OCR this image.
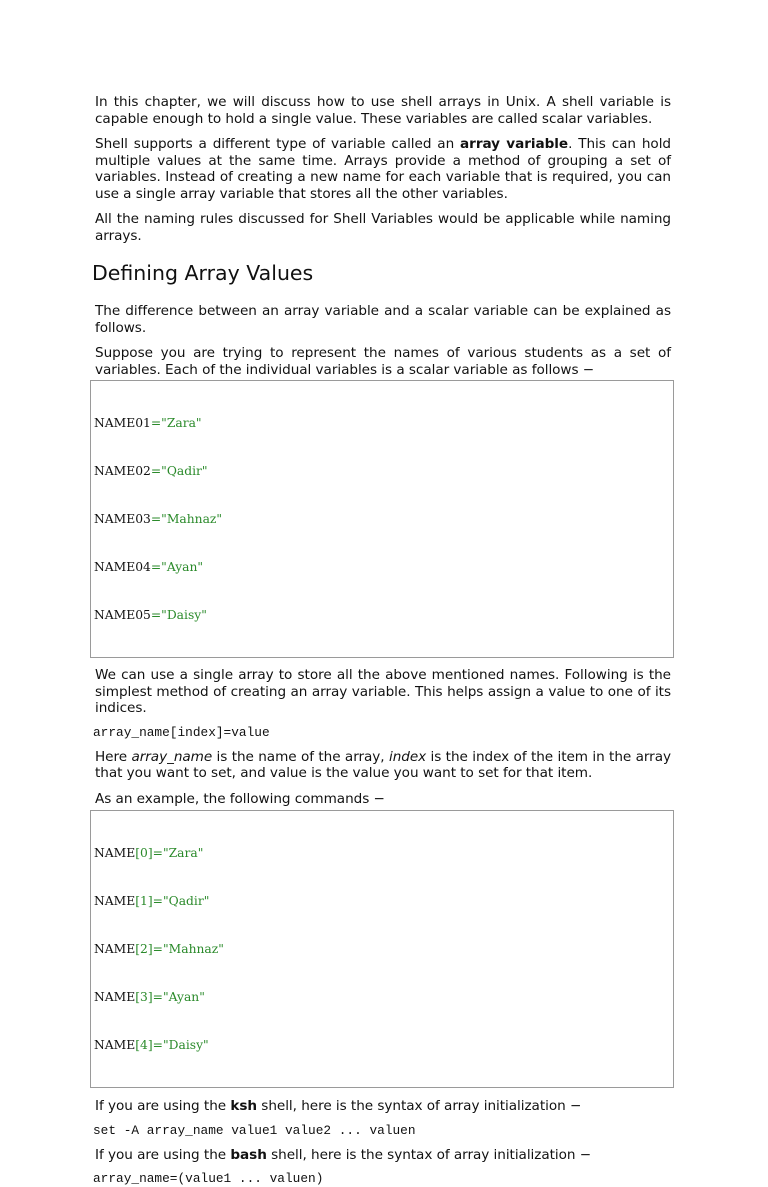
In this chapter, we will discuss how to use shell arrays in Unix. A shell variable is capable enough to hold a single value. These variables are called scalar variables.

Shell supports a different type of variable called an array variable. This can hold multiple values at the same time. Arrays provide a method of grouping a set of variables. Instead of creating a new name for each variable that is required, you can use a single array variable that stores all the other variables.

All the naming rules discussed for Shell Variables would be applicable while naming arrays.

Defining Array Values

The difference between an array variable and a scalar variable can be explained as follows.

Suppose you are trying to represent the names of various students as a set of variables. Each of the individual variables is a scalar variable as follows −

NAME01="Zara"

NAME02="Qadir"

NAME03="Mahnaz"

NAME04="Ayan"

NAME05="Daisy"

We can use a single array to store all the above mentioned names. Following is the simplest method of creating an array variable. This helps assign a value to one of its indices.

array_name[index]=value

Here array_name is the name of the array, index is the index of the item in the array that you want to set, and value is the value you want to set for that item.

As an example, the following commands −

NAME[0]="Zara"

NAME[1]="Qadir"

NAME[2]="Mahnaz"

NAME[3]="Ayan"

NAME[4]="Daisy"

If you are using the ksh shell, here is the syntax of array initialization −

set -A array_name value1 value2 ... valuen

If you are using the bash shell, here is the syntax of array initialization −

array_name=(value1 ... valuen)
